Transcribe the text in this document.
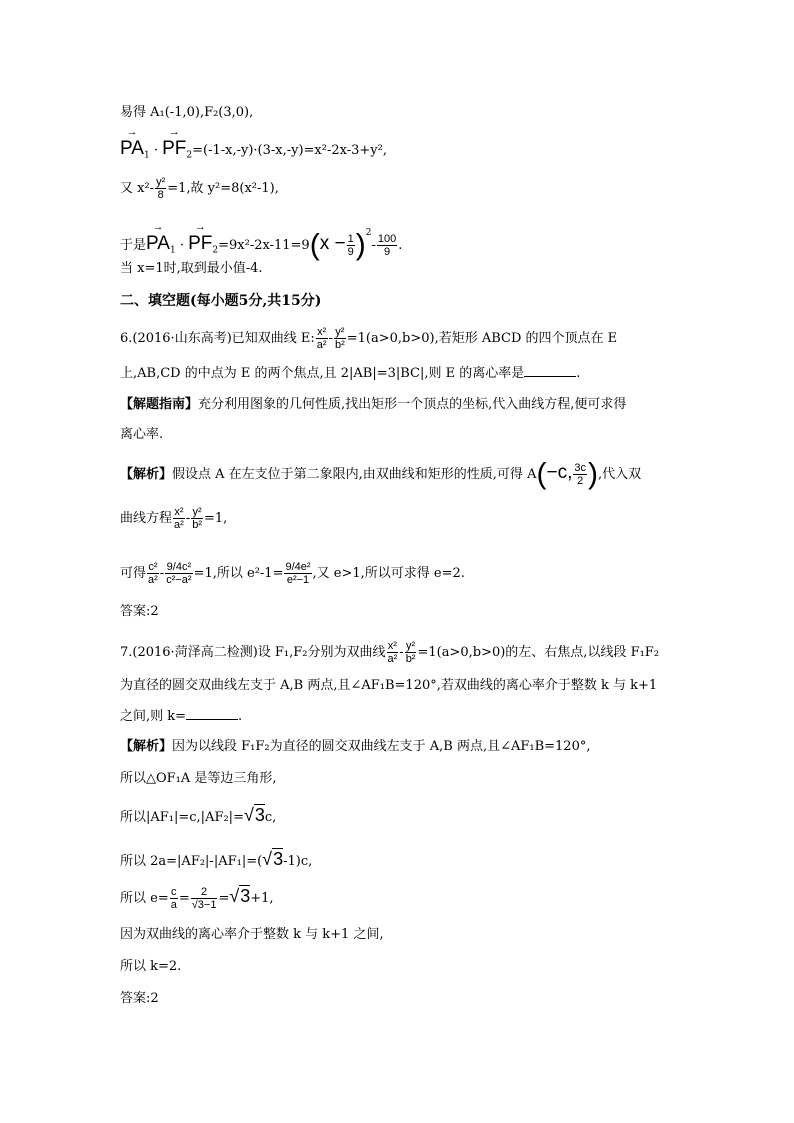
易得 A₁(-1,0),F₂(3,0),
→
$PA_1$ ·
→
$PF_2=(-1-x,-y)\cdot(3-x,-y)=x^2-2x-3+y^2$,
又 $x^2- \frac{\text{y²}}{8} =1$,故 y²=8(x²-1),
于是
→
$PA_1$ ·
→
$PF_2=9x^2-2x-11=9(x - \frac{1}{9} )^2- \frac{100}{9}$ .
当 x=1时,取到最小值-4.
二、填空题(每小题5分,共15分)
6.(2016·山东高考)已知双曲线 E: $\frac{\text{x²}}{\text{a²}} - \frac{\text{y²}}{\text{b²}} =1(a>0,b>0)$,若矩形 ABCD 的四个顶点在 E
上,AB,CD 的中点为 E 的两个焦点,且 2|AB|=3|BC|,则 E 的离心率是	.
【解题指南】充分利用图象的几何性质,找出矩形一个顶点的坐标,代入曲线方程,便可求得
离心率.
【解析】假设点 A 在左支位于第二象限内,由双曲线和矩形的性质,可得 A(−c, $\frac{3c}{2}$ ),代入双
曲线方程 $\frac{\text{x²}}{\text{a²}} - \frac{\text{y²}}{\text{b²}} =1$,
可得 $\frac{\text{c²}}{\text{a²}} - \frac{\text{9/4c²}}{\text{c²−a²}} =1$,所以 $e^2-1= \frac{\text{9/4e²}}{\text{e²−1}}$ ,又 e>1,所以可求得 e=2.
答案:2
7.(2016·菏泽高二检测)设 F₁,F₂分别为双曲线 $\frac{\text{x²}}{\text{a²}} - \frac{\text{y²}}{\text{b²}} =1(a>0,b>0)$的左、右焦点,以线段 F₁F₂
为直径的圆交双曲线左支于 A,B 两点,且∠AF₁B=120°,若双曲线的离心率介于整数 k 与 k+1
之间,则 k=	.
【解析】因为以线段 F₁F₂为直径的圆交双曲线左支于 A,B 两点,且∠AF₁B=120°,
所以△OF₁A 是等边三角形,
所以|AF₁|=c,|AF₂|=√3c,
所以 2a=|AF₂|-|AF₁|=(√3-1)c,
所以 $e= \frac{c}{a} = \frac{2}{√3-1} =√3+1$,
因为双曲线的离心率介于整数 k 与 k+1 之间,
所以 k=2.
答案:2
